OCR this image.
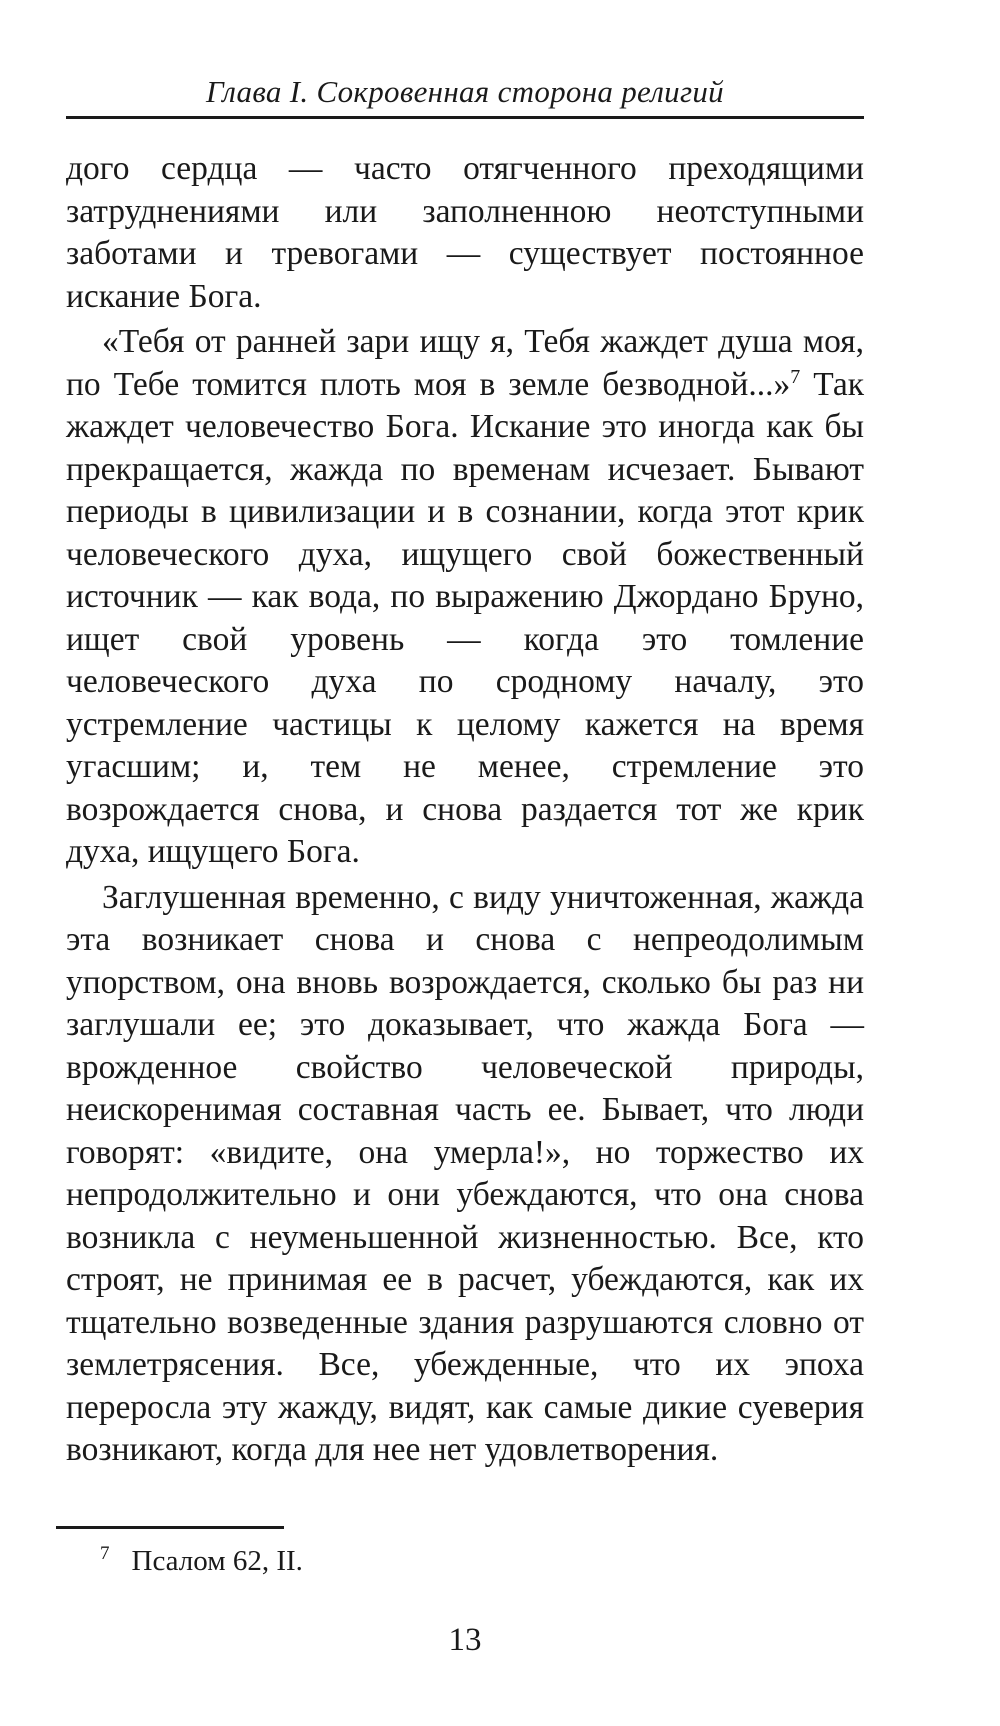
Глава I. Сокровенная сторона религий

дого сердца — часто отягченного преходящими затруднениями или заполненною неотступными заботами и тревогами — существует постоянное искание Бога.

«Тебя от ранней зари ищу я, Тебя жаждет душа моя, по Тебе томится плоть моя в земле безводной...»$^7$ Так жаждет человечество Бога. Искание это иногда как бы прекращается, жажда по временам исчезает. Бывают периоды в цивилизации и в сознании, когда этот крик человеческого духа, ищущего свой божественный источник — как вода, по выражению Джордано Бруно, ищет свой уровень — когда это томление человеческого духа по сродному началу, это устремление частицы к целому кажется на время угасшим; и, тем не менее, стремление это возрождается снова, и снова раздается тот же крик духа, ищущего Бога.

Заглушенная временно, с виду уничтоженная, жажда эта возникает снова и снова с непреодолимым упорством, она вновь возрождается, сколько бы раз ни заглушали ее; это доказывает, что жажда Бога — врожденное свойство человеческой природы, неискоренимая составная часть ее. Бывает, что люди говорят: «видите, она умерла!», но торжество их непродолжительно и они убеждаются, что она снова возникла с неуменьшенной жизненностью. Все, кто строят, не принимая ее в расчет, убеждаются, как их тщательно возведенные здания разрушаются словно от землетрясения. Все, убежденные, что их эпоха переросла эту жажду, видят, как самые дикие суеверия возникают, когда для нее нет удовлетворения.

$^7$ Псалом 62, II.
13
